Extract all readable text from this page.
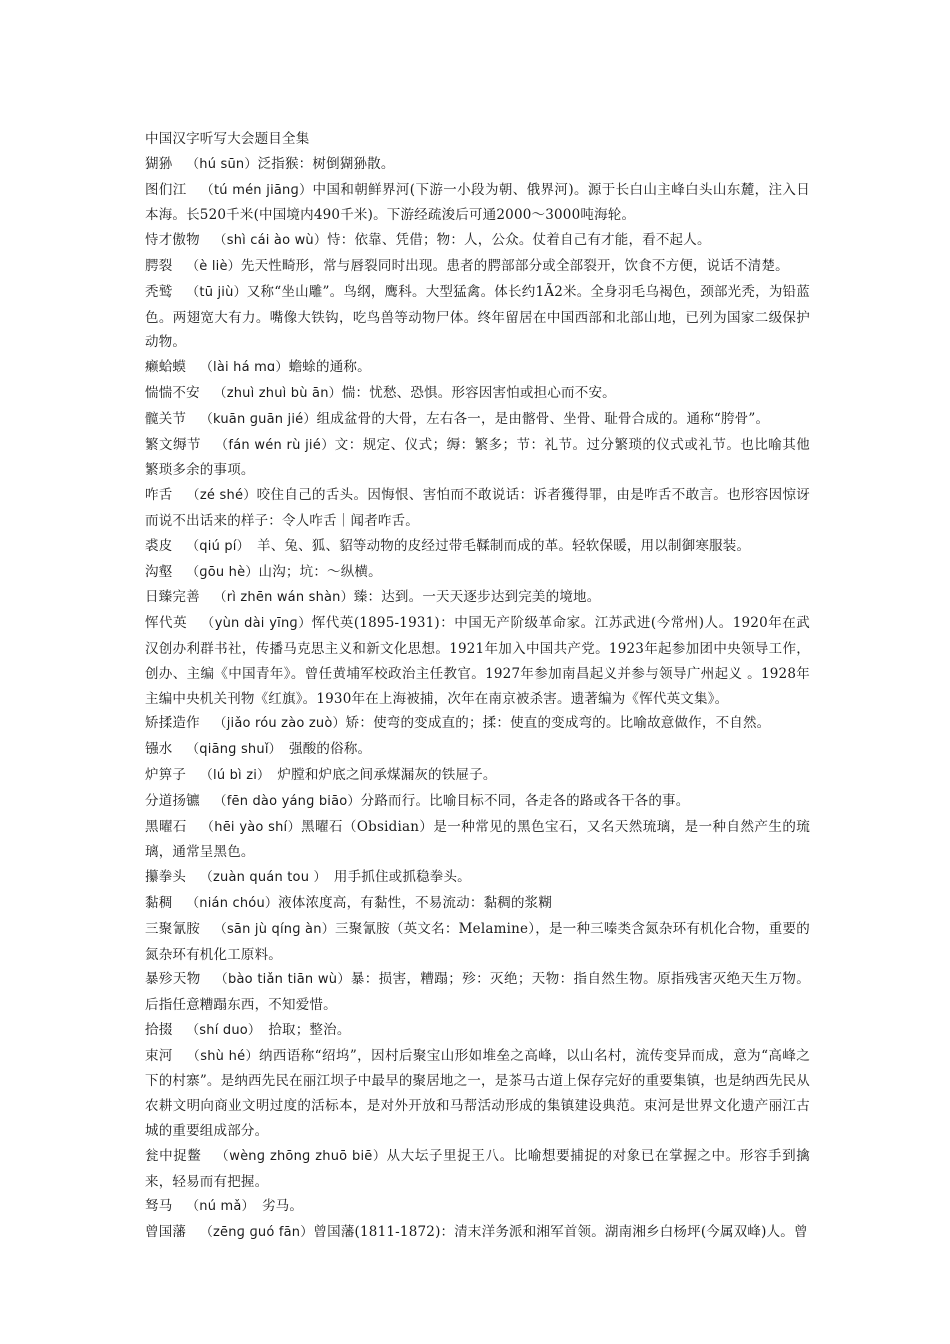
中国汉字听写大会题目全集

猢狲  （hú sūn）泛指猴：树倒猢狲散。

图们江  （tú mén jiānɡ）中国和朝鲜界河(下游一小段为朝、俄界河)。源于长白山主峰白头山东麓，注入日本海。长520千米(中国境内490千米)。下游经疏浚后可通2000～3000吨海轮。

恃才傲物  （shì cái ào wù）恃：依靠、凭借；物：人，公众。仗着自己有才能，看不起人。

腭裂  （è liè）先天性畸形，常与唇裂同时出现。患者的腭部部分或全部裂开，饮食不方便，说话不清楚。

秃鹫  （tū jiù）又称“坐山雕”。鸟纲，鹰科。大型猛禽。体长约1Ã2米。全身羽毛乌褐色，颈部光秃，为铅蓝色。两翅宽大有力。嘴像大铁钩，吃鸟兽等动物尸体。终年留居在中国西部和北部山地，已列为国家二级保护动物。

癞蛤蟆  （lài há mɑ）蟾蜍的通称。

惴惴不安  （zhuì zhuì bù ān）惴：忧愁、恐惧。形容因害怕或担心而不安。

髋关节  （kuān ɡuān jié）组成盆骨的大骨，左右各一，是由髂骨、坐骨、耻骨合成的。通称“胯骨”。

繁文缛节  （fán wén rù jié）文：规定、仪式；缛：繁多；节：礼节。过分繁琐的仪式或礼节。也比喻其他繁琐多余的事项。

咋舌  （zé shé）咬住自己的舌头。因悔恨、害怕而不敢说话：诉者獲得罪，由是咋舌不敢言。也形容因惊讶而说不出话来的样子：令人咋舌｜闻者咋舌。

裘皮  （qiú pí）　羊、兔、狐、貂等动物的皮经过带毛鞣制而成的革。轻软保暖，用以制御寒服装。

沟壑  （ɡōu hè）山沟；坑：～纵横。

日臻完善  （rì zhēn wán shàn）臻：达到。一天天逐步达到完美的境地。

恽代英  （yùn dài yīnɡ）恽代英(1895-1931)：中国无产阶级革命家。江苏武进(今常州)人。1920年在武汉创办利群书社，传播马克思主义和新文化思想。1921年加入中国共产党。1923年起参加团中央领导工作，创办、主编《中国青年》。曾任黄埔军校政治主任教官。1927年参加南昌起义并参与领导广州起义 。1928年主编中央机关刊物《红旗》。1930年在上海被捕，次年在南京被杀害。遗著编为《恽代英文集》。

矫揉造作  （jiǎo róu zào zuò）矫：使弯的变成直的；揉：使直的变成弯的。比喻故意做作，不自然。

镪水  （qiānɡ shuǐ）　强酸的俗称。

炉箅子  （lú bì zi）　炉膛和炉底之间承煤漏灰的铁屉子。

分道扬镳  （fēn dào yánɡ biāo）分路而行。比喻目标不同，各走各的路或各干各的事。

黑曜石  （hēi yào shí）黑曜石（Obsidian）是一种常见的黑色宝石，又名天然琉璃，是一种自然产生的琉璃，通常呈黑色。

攥拳头  （zuàn quán tou ）　用手抓住或抓稳拳头。

黏稠  （nián chóu）液体浓度高，有黏性，不易流动：黏稠的浆糊

三聚氰胺  （sān jù qínɡ àn）三聚氰胺（英文名：Melamine），是一种三嗪类含氮杂环有机化合物，重要的氮杂环有机化工原料。

暴殄天物  （bào tiǎn tiān wù）暴：损害，糟蹋；殄：灭绝；天物：指自然生物。原指残害灭绝天生万物。后指任意糟蹋东西，不知爱惜。

拾掇  （shí duo）　拾取；整治。

束河  （shù hé）纳西语称“绍坞”，因村后聚宝山形如堆垒之高峰，以山名村，流传变异而成，意为“高峰之下的村寨”。是纳西先民在丽江坝子中最早的聚居地之一，是茶马古道上保存完好的重要集镇，也是纳西先民从农耕文明向商业文明过度的活标本，是对外开放和马帮活动形成的集镇建设典范。束河是世界文化遗产丽江古城的重要组成部分。

瓮中捉鳖  （wènɡ zhōnɡ zhuō biē）从大坛子里捉王八。比喻想要捕捉的对象已在掌握之中。形容手到擒来，轻易而有把握。

驽马  （nú mǎ）　劣马。

曾国藩  （zēnɡ ɡuó fān）曾国藩(1811-1872)：清末洋务派和湘军首领。湖南湘乡白杨坪(今属双峰)人。曾
